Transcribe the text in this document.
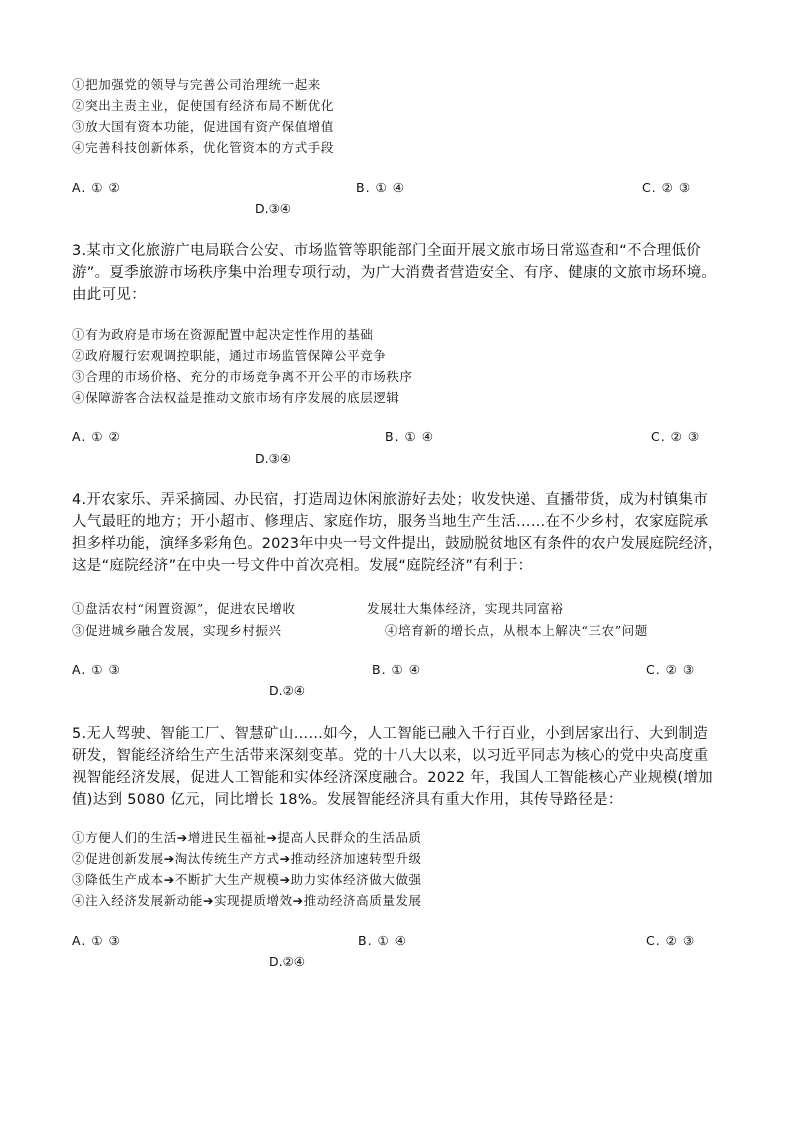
①把加强党的领导与完善公司治理统一起来
②突出主责主业，促使国有经济布局不断优化
③放大国有资本功能，促进国有资产保值增值
④完善科技创新体系，优化管资本的方式手段
A. ① ②	B. ① ④	C. ② ③
D.③④
3.某市文化旅游广电局联合公安、市场监管等职能部门全面开展文旅市场日常巡查和“不合理低价
游”。夏季旅游市场秩序集中治理专项行动，为广大消费者营造安全、有序、健康的文旅市场环境。
由此可见：
①有为政府是市场在资源配置中起决定性作用的基础
②政府履行宏观调控职能，通过市场监管保障公平竞争
③合理的市场价格、充分的市场竞争离不开公平的市场秩序
④保障游客合法权益是推动文旅市场有序发展的底层逻辑
A. ① ②	B. ① ④	C. ② ③
D.③④
4.开农家乐、弄采摘园、办民宿，打造周边休闲旅游好去处；收发快递、直播带货，成为村镇集市
人气最旺的地方；开小超市、修理店、家庭作坊，服务当地生产生活……在不少乡村，农家庭院承
担多样功能，演绎多彩角色。2023年中央一号文件提出，鼓励脱贫地区有条件的农户发展庭院经济，
这是“庭院经济”在中央一号文件中首次亮相。发展“庭院经济”有利于：
①盘活农村“闲置资源”，促进农民增收	发展壮大集体经济，实现共同富裕
③促进城乡融合发展，实现乡村振兴	④培育新的增长点，从根本上解决“三农”问题
A. ① ③	B. ① ④	C. ② ③
D.②④
5.无人驾驶、智能工厂、智慧矿山……如今，人工智能已融入千行百业，小到居家出行、大到制造
研发，智能经济给生产生活带来深刻变革。党的十八大以来，以习近平同志为核心的党中央高度重
视智能经济发展，促进人工智能和实体经济深度融合。2022 年，我国人工智能核心产业规模(增加
值)达到 5080 亿元，同比增长 18%。发展智能经济具有重大作用，其传导路径是：
①方便人们的生活➔增进民生福祉➔提高人民群众的生活品质
②促进创新发展➔淘汰传统生产方式➔推动经济加速转型升级
③降低生产成本➔不断扩大生产规模➔助力实体经济做大做强
④注入经济发展新动能➔实现提质增效➔推动经济高质量发展
A. ① ③	B. ① ④	C. ② ③
D.②④
